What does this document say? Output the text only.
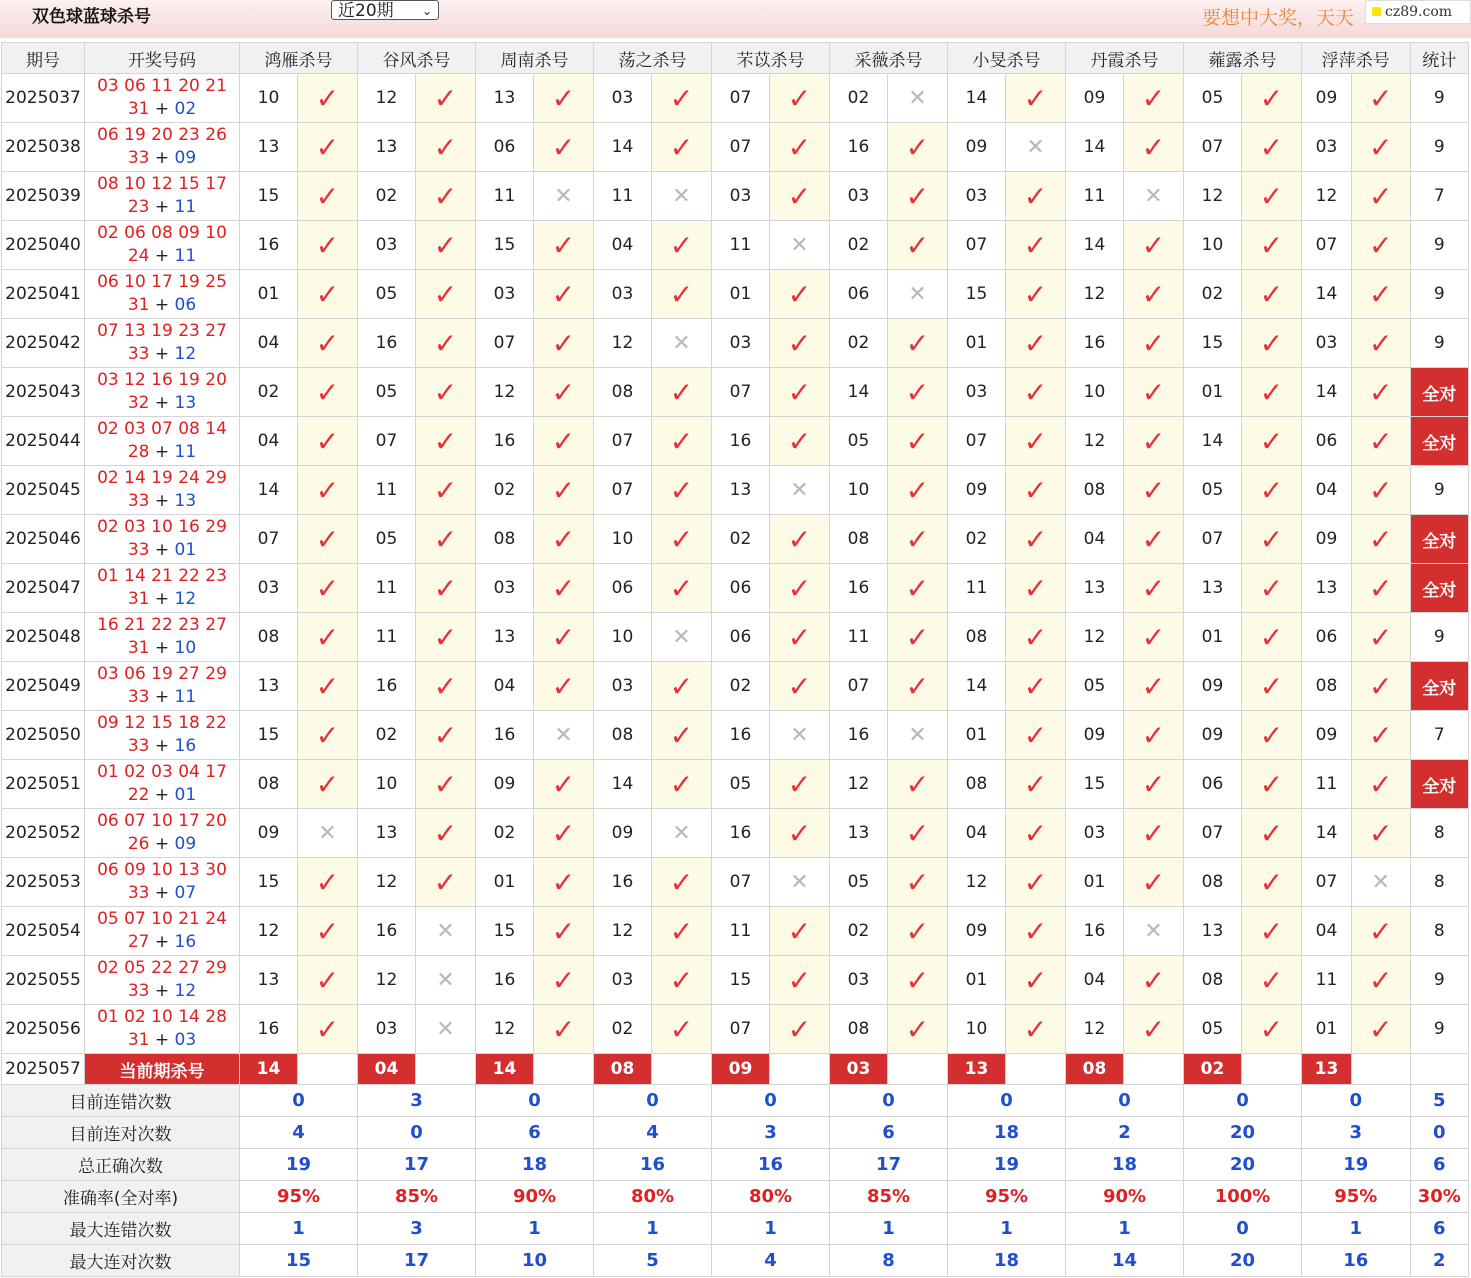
双色球蓝球杀号	近20期 ⌄	要想中大奖，天天	cz89.com
期号	开奖号码	鸿雁杀号		谷风杀号		周南杀号		荡之杀号		芣苡杀号		采薇杀号		小旻杀号		丹霞杀号		蕹露杀号		浮萍杀号		统计
2025037	03 06 11 20 21
31 + 02	10	✓	12	✓	13	✓	03	✓	07	✓	02	✕	14	✓	09	✓	05	✓	09	✓	9
2025038	06 19 20 23 26
33 + 09	13	✓	13	✓	06	✓	14	✓	07	✓	16	✓	09	✕	14	✓	07	✓	03	✓	9
2025039	08 10 12 15 17
23 + 11	15	✓	02	✓	11	✕	11	✕	03	✓	03	✓	03	✓	11	✕	12	✓	12	✓	7
2025040	02 06 08 09 10
24 + 11	16	✓	03	✓	15	✓	04	✓	11	✕	02	✓	07	✓	14	✓	10	✓	07	✓	9
2025041	06 10 17 19 25
31 + 06	01	✓	05	✓	03	✓	03	✓	01	✓	06	✕	15	✓	12	✓	02	✓	14	✓	9
2025042	07 13 19 23 27
33 + 12	04	✓	16	✓	07	✓	12	✕	03	✓	02	✓	01	✓	16	✓	15	✓	03	✓	9
2025043	03 12 16 19 20
32 + 13	02	✓	05	✓	12	✓	08	✓	07	✓	14	✓	03	✓	10	✓	01	✓	14	✓	全对
2025044	02 03 07 08 14
28 + 11	04	✓	07	✓	16	✓	07	✓	16	✓	05	✓	07	✓	12	✓	14	✓	06	✓	全对
2025045	02 14 19 24 29
33 + 13	14	✓	11	✓	02	✓	07	✓	13	✕	10	✓	09	✓	08	✓	05	✓	04	✓	9
2025046	02 03 10 16 29
33 + 01	07	✓	05	✓	08	✓	10	✓	02	✓	08	✓	02	✓	04	✓	07	✓	09	✓	全对
2025047	01 14 21 22 23
31 + 12	03	✓	11	✓	03	✓	06	✓	06	✓	16	✓	11	✓	13	✓	13	✓	13	✓	全对
2025048	16 21 22 23 27
31 + 10	08	✓	11	✓	13	✓	10	✕	06	✓	11	✓	08	✓	12	✓	01	✓	06	✓	9
2025049	03 06 19 27 29
33 + 11	13	✓	16	✓	04	✓	03	✓	02	✓	07	✓	14	✓	05	✓	09	✓	08	✓	全对
2025050	09 12 15 18 22
33 + 16	15	✓	02	✓	16	✕	08	✓	16	✕	16	✕	01	✓	09	✓	09	✓	09	✓	7
2025051	01 02 03 04 17
22 + 01	08	✓	10	✓	09	✓	14	✓	05	✓	12	✓	08	✓	15	✓	06	✓	11	✓	全对
2025052	06 07 10 17 20
26 + 09	09	✕	13	✓	02	✓	09	✕	16	✓	13	✓	04	✓	03	✓	07	✓	14	✓	8
2025053	06 09 10 13 30
33 + 07	15	✓	12	✓	01	✓	16	✓	07	✕	05	✓	12	✓	01	✓	08	✓	07	✕	8
2025054	05 07 10 21 24
27 + 16	12	✓	16	✕	15	✓	12	✓	11	✓	02	✓	09	✓	16	✕	13	✓	04	✓	8
2025055	02 05 22 27 29
33 + 12	13	✓	12	✕	16	✓	03	✓	15	✓	03	✓	01	✓	04	✓	08	✓	11	✓	9
2025056	01 02 10 14 28
31 + 03	16	✓	03	✕	12	✓	02	✓	07	✓	08	✓	10	✓	12	✓	05	✓	01	✓	9
2025057	当前期杀号	14		04		14		08		09		03		13		08		02		13		
目前连错次数		0		3		0		0		0		0		0		0		0		0		5
目前连对次数		4		0		6		4		3		6		18		2		20		3		0
总正确次数		19		17		18		16		16		17		19		18		20		19		6
准确率(全对率)		95%		85%		90%		80%		80%		85%		95%		90%		100%		95%		30%
最大连错次数		1		3		1		1		1		1		1		1		0		1		6
最大连对次数		15		17		10		5		4		8		18		14		20		16		2
